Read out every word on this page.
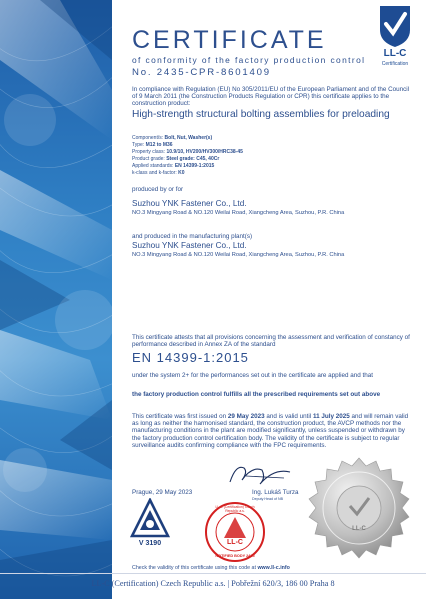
CERTIFICATE
of conformity of the factory production control
No. 2435-CPR-8601409
LL-C
Certification
In compliance with Regulation (EU) No 305/2011/EU of the European Parliament and of the Council of 9 March 2011 (the Construction Products Regulation or CPR) this certificate applies to the construction product:
High-strength structural bolting assemblies for preloading
Component/s: Bolt, Nut, Washer(s)
Type: M12 to M36
Property class: 10.9/10, HV200/HV300/HRC38-45
Product grade: Steel grade: C45, 40Cr
Applied standards: EN 14399-1:2015
k-class and k-factor: K0
produced by or for
Suzhou YNK Fastener Co., Ltd.
NO.3 Mingyang Road & NO.120 Weilai Road, Xiangcheng Area, Suzhou, P.R. China
and produced in the manufacturing plant(s)
Suzhou YNK Fastener Co., Ltd.
NO.3 Mingyang Road & NO.120 Weilai Road, Xiangcheng Area, Suzhou, P.R. China
This certificate attests that all provisions concerning the assessment and verification of constancy of performance described in Annex ZA of the standard
EN 14399-1:2015
under the system 2+ for the performances set out in the certificate are applied and that
the factory production control fulfills all the prescribed requirements set out above
This certificate was first issued on 29 May 2023 and is valid until 11 July 2025 and will remain valid as long as neither the harmonised standard, the construction product, the AVCP methods nor the manufacturing conditions in the plant are modified significantly, unless suspended or withdrawn by the factory production control certification body. The validity of the certificate is subject to regular surveillance audits confirming compliance with the FPC requirements.
Prague, 29 May 2023	Ing. Lukáš Turza
Deputy Head of NB
V 3190
LL-C (Certification) Czech Republic a.s.
LL-C
NOTIFIED BODY 2435
LL-C
Check the validity of this certificate using this code at www.ll-c.info
LL-C (Certification) Czech Republic a.s. | Pobřežní 620/3, 186 00 Praha 8
